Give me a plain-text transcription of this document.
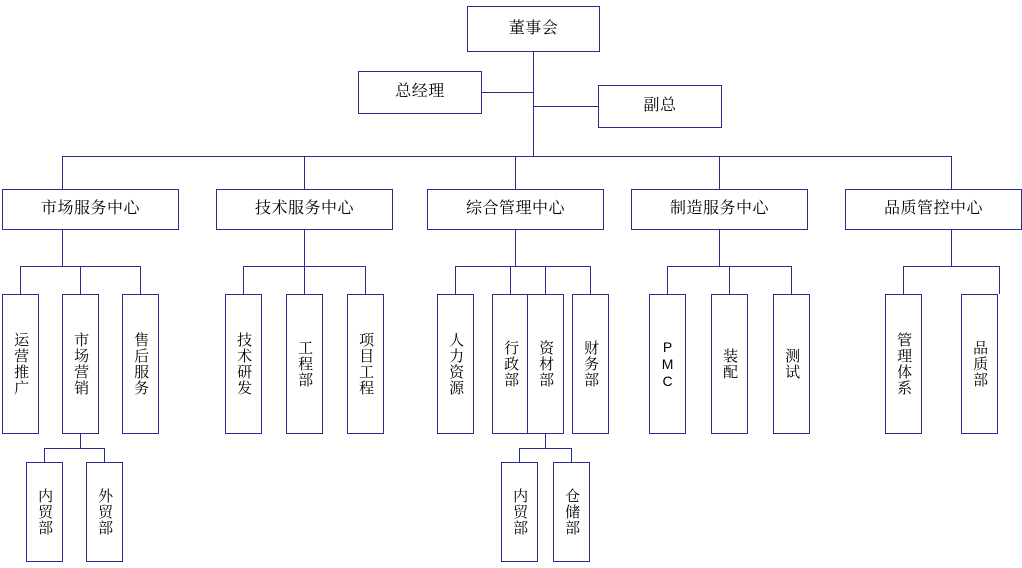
董事会
总经理
副总
市场服务中心	技术服务中心	综合管理中心	制造服务中心	品质管控中心
运营推广	市场营销	售后服务
内贸部	外贸部
技术研发	工程部	项目工程	人力资源	行政部	资材部	财务部
内贸部	仓储部
PMC	装配	测试	管理体系	品质部
